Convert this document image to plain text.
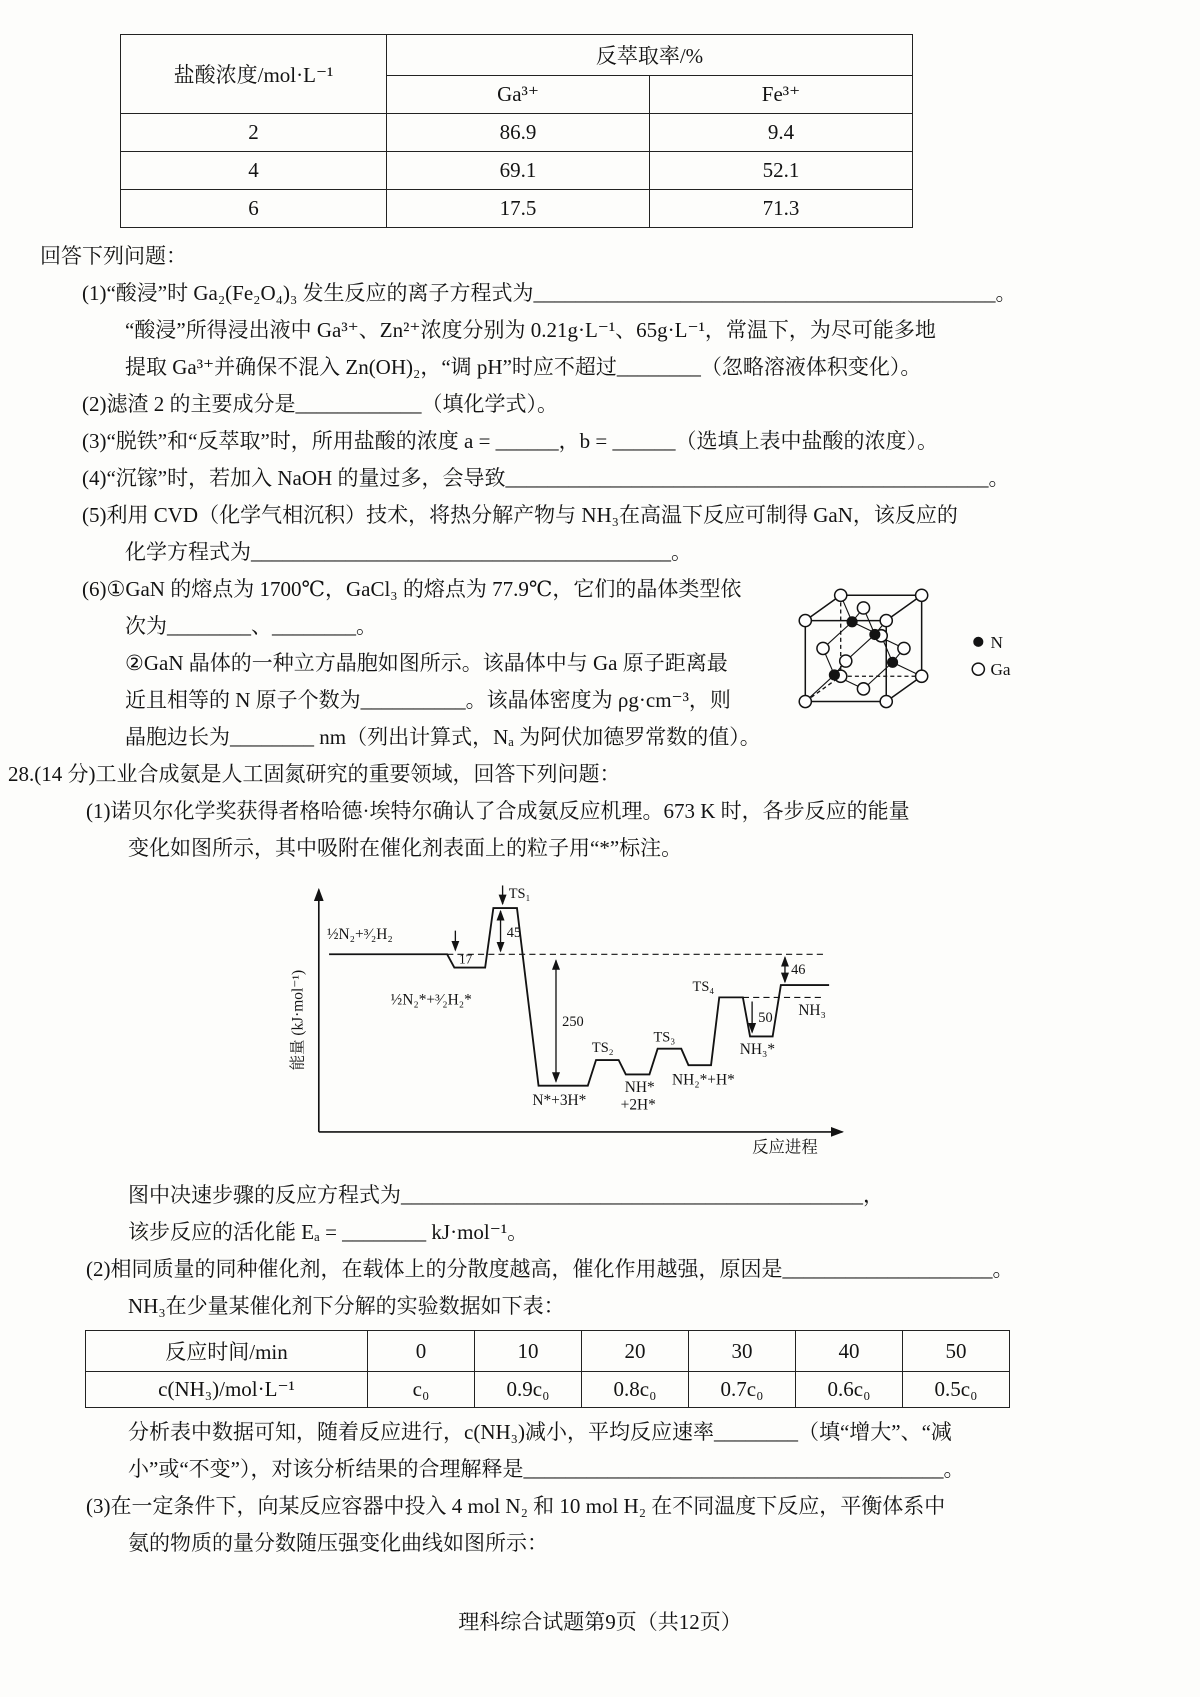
盐酸浓度/mol·L⁻¹	反萃取率/%	
	Ga³⁺	Fe³⁺
2	86.9	9.4
4	69.1	52.1
6	17.5	71.3
回答下列问题：
(1)“酸浸”时 Ga₂(Fe₂O₄)₃ 发生反应的离子方程式为____________________________________________。
“酸浸”所得浸出液中 Ga³⁺、Zn²⁺浓度分别为 0.21g·L⁻¹、65g·L⁻¹，常温下，为尽可能多地
提取 Ga³⁺并确保不混入 Zn(OH)₂，“调 pH”时应不超过________（忽略溶液体积变化）。
(2)滤渣 2 的主要成分是____________（填化学式）。
(3)“脱铁”和“反萃取”时，所用盐酸的浓度 a = ______，b = ______（选填上表中盐酸的浓度）。
(4)“沉镓”时，若加入 NaOH 的量过多，会导致______________________________________________。
(5)利用 CVD（化学气相沉积）技术，将热分解产物与 NH₃在高温下反应可制得 GaN，该反应的
化学方程式为________________________________________。
N
Ga
(6)①GaN 的熔点为 1700℃，GaCl₃ 的熔点为 77.9℃，它们的晶体类型依
次为________、________。
②GaN 晶体的一种立方晶胞如图所示。该晶体中与 Ga 原子距离最
近且相等的 N 原子个数为__________。该晶体密度为 ρg·cm⁻³，则
晶胞边长为________ nm（列出计算式，Nₐ 为阿伏加德罗常数的值）。
28.(14 分)工业合成氨是人工固氮研究的重要领域，回答下列问题：
(1)诺贝尔化学奖获得者格哈德·埃特尔确认了合成氨反应机理。673 K 时，各步反应的能量
变化如图所示，其中吸附在催化剂表面上的粒子用“*”标注。
能量 (kJ·mol⁻¹)
反应进程
17
45
250	50
46
½N₂+³⁄₂H₂
½N₂*+³⁄₂H₂*
TS₁
N*+3H*
TS₂
NH*
+2H*
TS₃
NH₂*+H*
TS₄
NH₃*
NH₃
图中决速步骤的反应方程式为____________________________________________，
该步反应的活化能 Eₐ = ________ kJ·mol⁻¹。
(2)相同质量的同种催化剂，在载体上的分散度越高，催化作用越强，原因是____________________。
NH₃在少量某催化剂下分解的实验数据如下表：
反应时间/min	0	10	20	30	40	50
c(NH₃)/mol·L⁻¹	c₀	0.9c₀	0.8c₀	0.7c₀	0.6c₀	0.5c₀
分析表中数据可知，随着反应进行，c(NH₃)减小，平均反应速率________（填“增大”、“减
小”或“不变”），对该分析结果的合理解释是________________________________________。
(3)在一定条件下，向某反应容器中投入 4 mol N₂ 和 10 mol H₂ 在不同温度下反应，平衡体系中
氨的物质的量分数随压强变化曲线如图所示：
理科综合试题第9页（共12页）
